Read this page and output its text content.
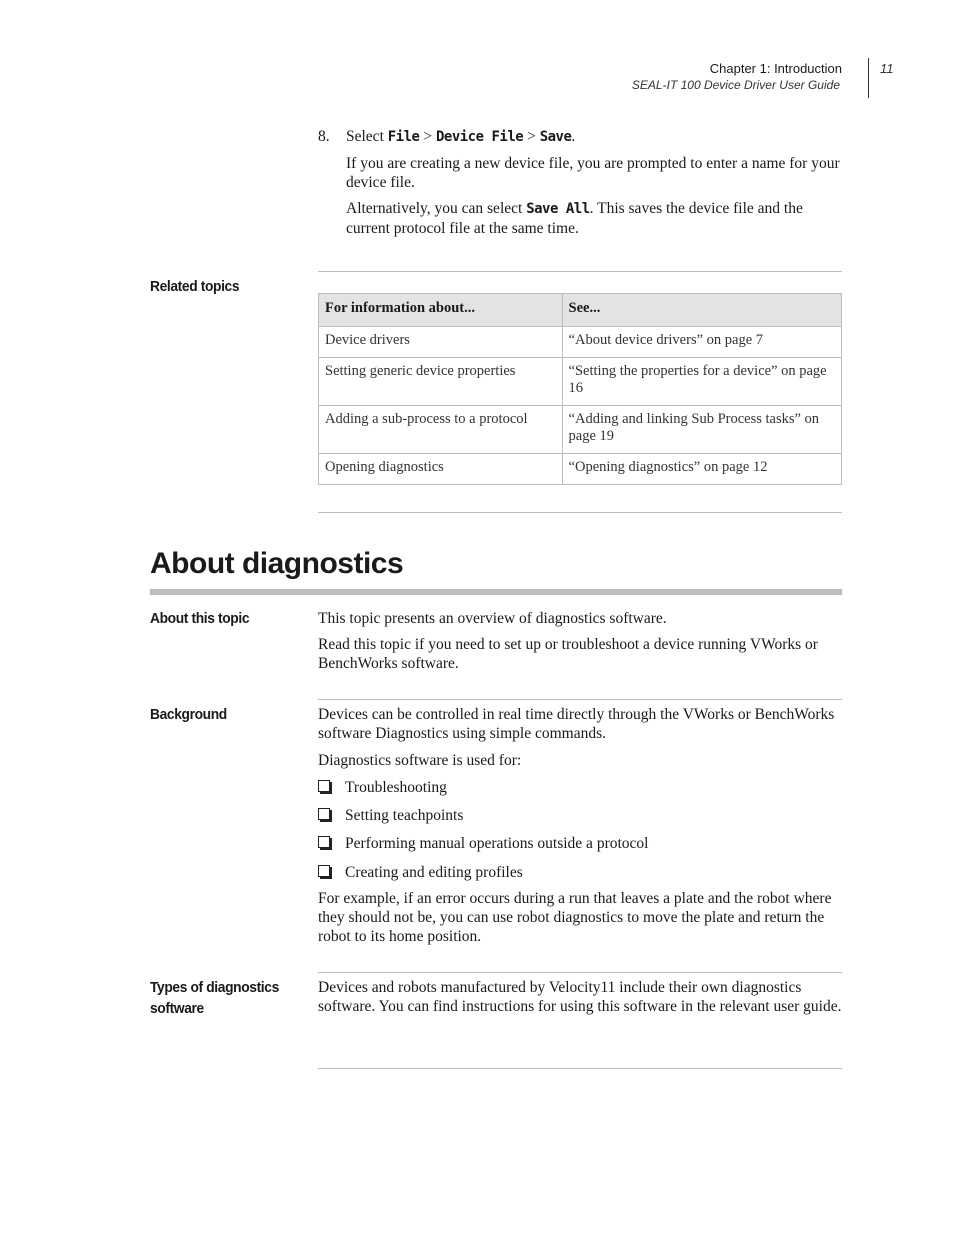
Chapter 1: Introduction
SEAL-IT 100 Device Driver User Guide
11
8. Select File > Device File > Save.
If you are creating a new device file, you are prompted to enter a name for your device file.
Alternatively, you can select Save All. This saves the device file and the current protocol file at the same time.
Related topics
For information about...	See...
Device drivers	“About device drivers” on page 7
Setting generic device properties	“Setting the properties for a device” on page 16
Adding a sub-process to a protocol	“Adding and linking Sub Process tasks” on page 19
Opening diagnostics	“Opening diagnostics” on page 12
About diagnostics
About this topic	This topic presents an overview of diagnostics software.
Read this topic if you need to set up or troubleshoot a device running VWorks or BenchWorks software.
Background	Devices can be controlled in real time directly through the VWorks or BenchWorks software Diagnostics using simple commands.
Diagnostics software is used for:
Troubleshooting
Setting teachpoints
Performing manual operations outside a protocol
Creating and editing profiles
For example, if an error occurs during a run that leaves a plate and the robot where they should not be, you can use robot diagnostics to move the plate and return the robot to its home position.
Types of diagnostics software
Devices and robots manufactured by Velocity11 include their own diagnostics software. You can find instructions for using this software in the relevant user guide.
